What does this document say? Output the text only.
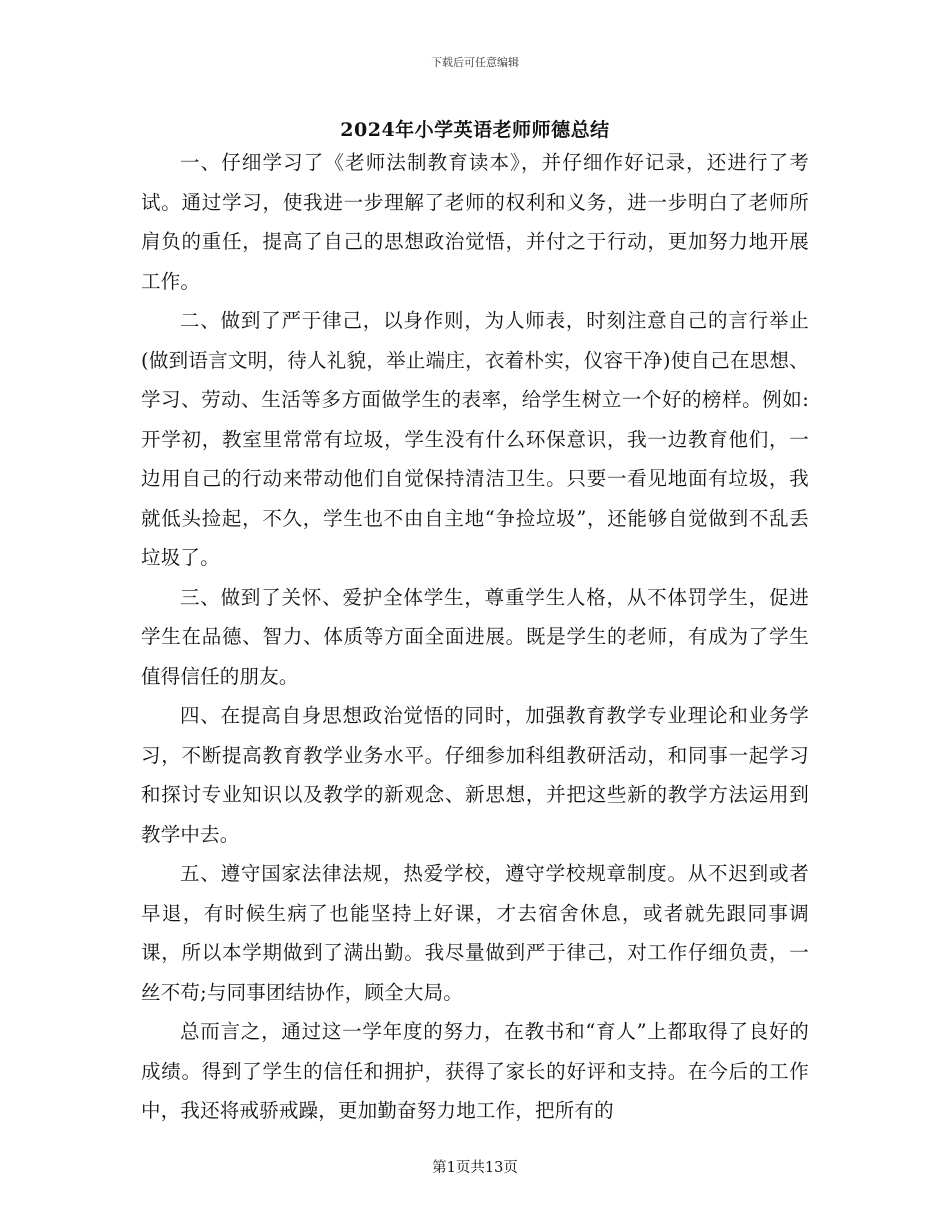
下载后可任意编辑
2024年小学英语老师师德总结

一、仔细学习了《老师法制教育读本》，并仔细作好记录，还进行了考试。通过学习，使我进一步理解了老师的权利和义务，进一步明白了老师所肩负的重任，提高了自己的思想政治觉悟，并付之于行动，更加努力地开展工作。

二、做到了严于律己，以身作则，为人师表，时刻注意自己的言行举止(做到语言文明，待人礼貌，举止端庄，衣着朴实，仪容干净)使自己在思想、学习、劳动、生活等多方面做学生的表率，给学生树立一个好的榜样。例如:开学初，教室里常常有垃圾，学生没有什么环保意识，我一边教育他们，一边用自己的行动来带动他们自觉保持清洁卫生。只要一看见地面有垃圾，我就低头捡起，不久，学生也不由自主地“争捡垃圾”，还能够自觉做到不乱丢垃圾了。

三、做到了关怀、爱护全体学生，尊重学生人格，从不体罚学生，促进学生在品德、智力、体质等方面全面进展。既是学生的老师，有成为了学生值得信任的朋友。

四、在提高自身思想政治觉悟的同时，加强教育教学专业理论和业务学习，不断提高教育教学业务水平。仔细参加科组教研活动，和同事一起学习和探讨专业知识以及教学的新观念、新思想，并把这些新的教学方法运用到教学中去。

五、遵守国家法律法规，热爱学校，遵守学校规章制度。从不迟到或者早退，有时候生病了也能坚持上好课，才去宿舍休息，或者就先跟同事调课，所以本学期做到了满出勤。我尽量做到严于律己，对工作仔细负责，一丝不苟;与同事团结协作，顾全大局。

总而言之，通过这一学年度的努力，在教书和“育人”上都取得了良好的成绩。得到了学生的信任和拥护，获得了家长的好评和支持。在今后的工作中，我还将戒骄戒躁，更加勤奋努力地工作，把所有的

第1页共13页
